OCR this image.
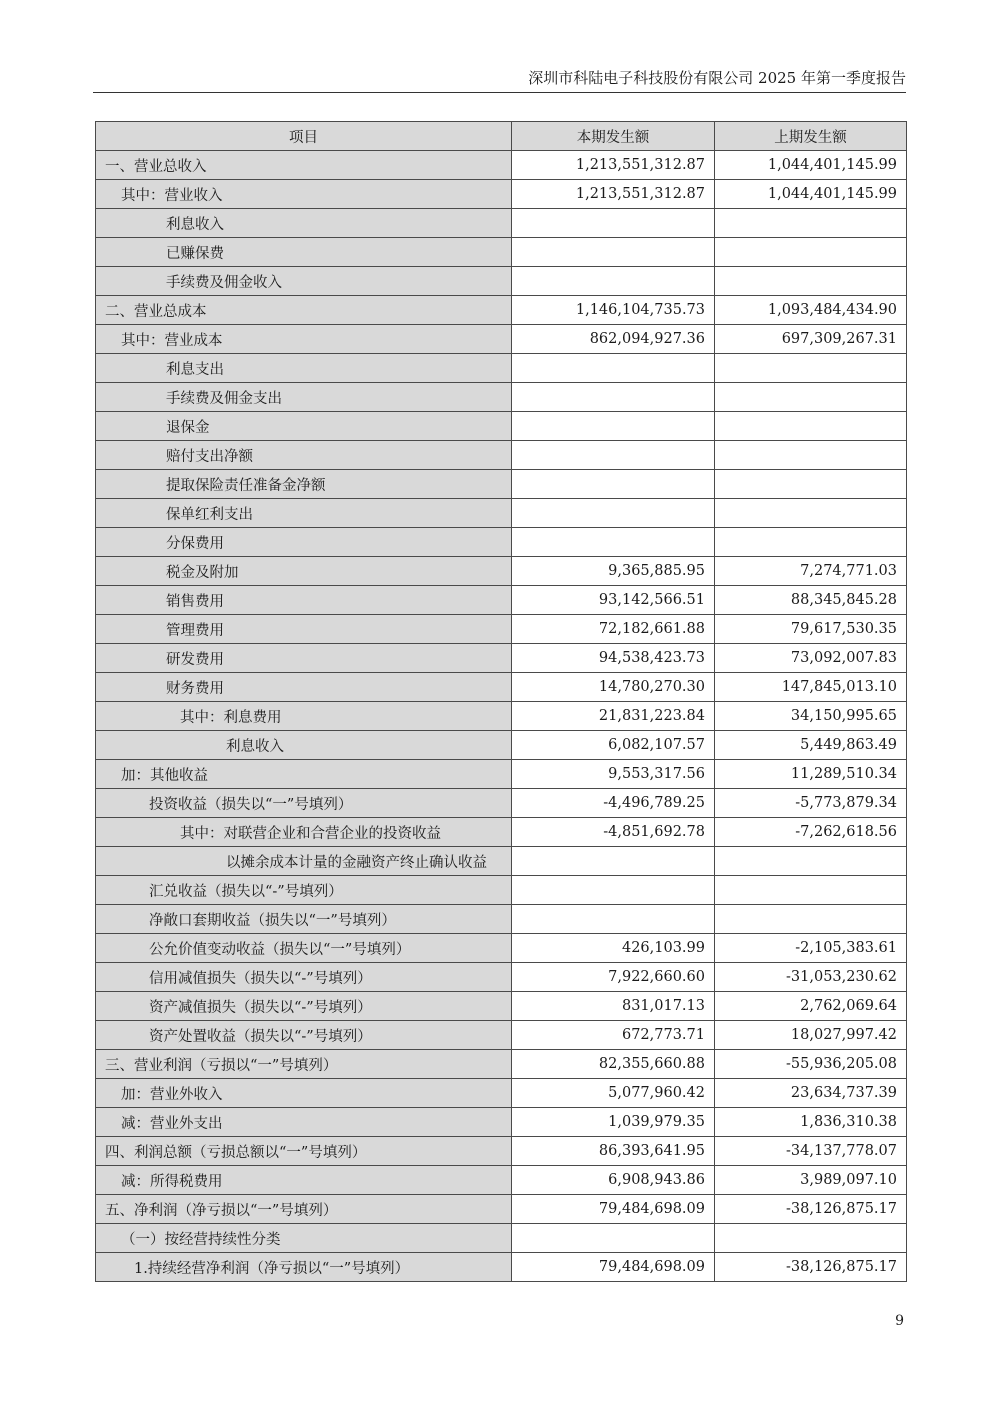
深圳市科陆电子科技股份有限公司 2025 年第一季度报告
项目	本期发生额	上期发生额
一、营业总收入	1,213,551,312.87	1,044,401,145.99
其中：营业收入	1,213,551,312.87	1,044,401,145.99
利息收入		
已赚保费		
手续费及佣金收入		
二、营业总成本	1,146,104,735.73	1,093,484,434.90
其中：营业成本	862,094,927.36	697,309,267.31
利息支出		
手续费及佣金支出		
退保金		
赔付支出净额		
提取保险责任准备金净额		
保单红利支出		
分保费用		
税金及附加	9,365,885.95	7,274,771.03
销售费用	93,142,566.51	88,345,845.28
管理费用	72,182,661.88	79,617,530.35
研发费用	94,538,423.73	73,092,007.83
财务费用	14,780,270.30	147,845,013.10
其中：利息费用	21,831,223.84	34,150,995.65
利息收入	6,082,107.57	5,449,863.49
加：其他收益	9,553,317.56	11,289,510.34
投资收益（损失以“一”号填列）	-4,496,789.25	-5,773,879.34
其中：对联营企业和合营企业的投资收益	-4,851,692.78	-7,262,618.56
以摊余成本计量的金融资产终止确认收益		
汇兑收益（损失以“-”号填列）		
净敞口套期收益（损失以“一”号填列）		
公允价值变动收益（损失以“一”号填列）	426,103.99	-2,105,383.61
信用减值损失（损失以“-”号填列）	7,922,660.60	-31,053,230.62
资产减值损失（损失以“-”号填列）	831,017.13	2,762,069.64
资产处置收益（损失以“-”号填列）	672,773.71	18,027,997.42
三、营业利润（亏损以“一”号填列）	82,355,660.88	-55,936,205.08
加：营业外收入	5,077,960.42	23,634,737.39
减：营业外支出	1,039,979.35	1,836,310.38
四、利润总额（亏损总额以“一”号填列）	86,393,641.95	-34,137,778.07
减：所得税费用	6,908,943.86	3,989,097.10
五、净利润（净亏损以“一”号填列）	79,484,698.09	-38,126,875.17
（一）按经营持续性分类		
1.持续经营净利润（净亏损以“一”号填列）	79,484,698.09	-38,126,875.17
9
